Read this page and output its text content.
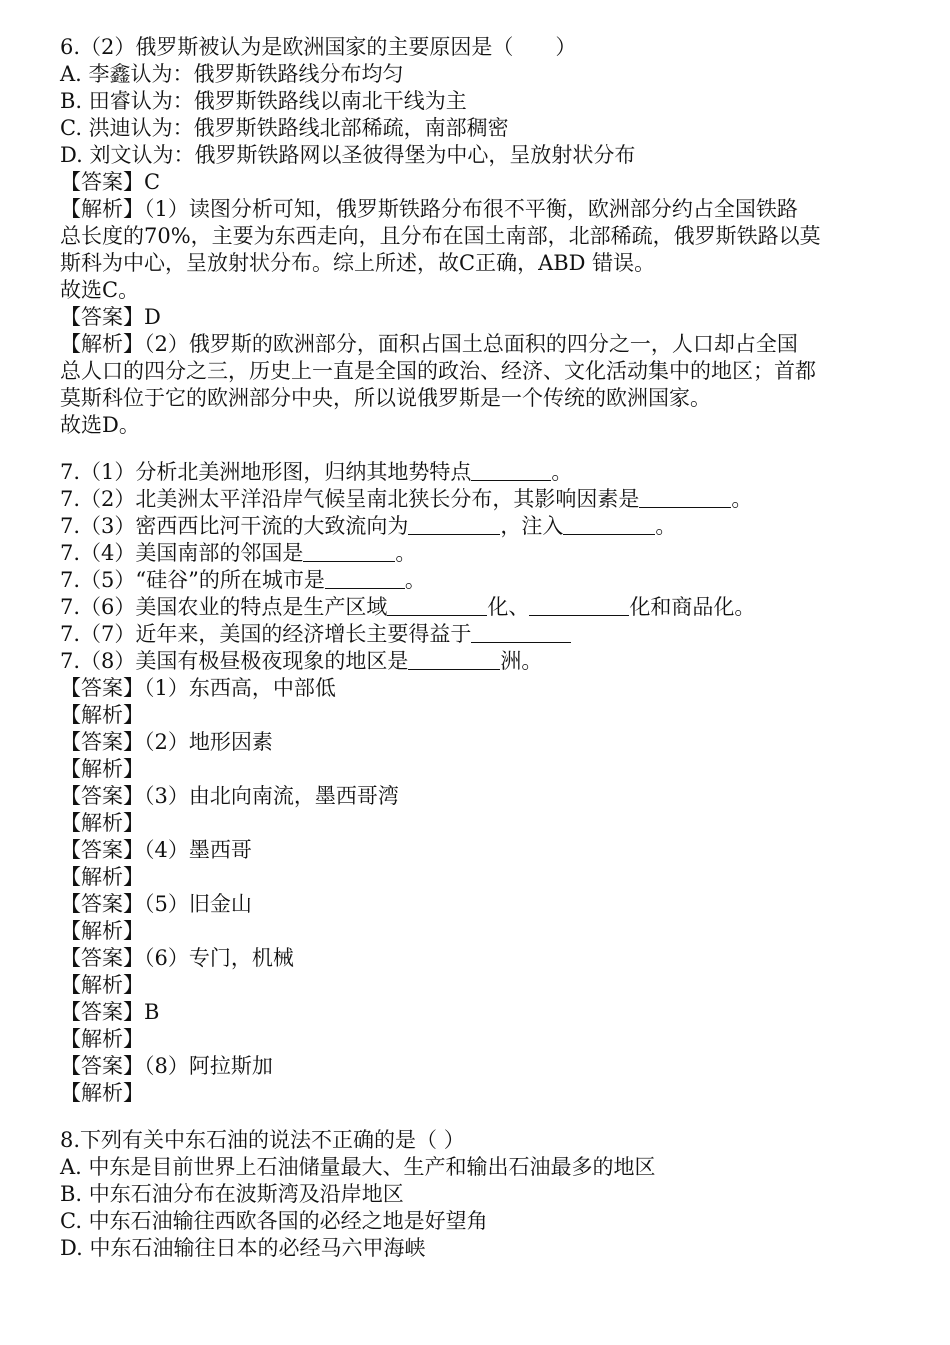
6.（2）俄罗斯被认为是欧洲国家的主要原因是（　　）
A. 李鑫认为：俄罗斯铁路线分布均匀
B. 田睿认为：俄罗斯铁路线以南北干线为主
C. 洪迪认为：俄罗斯铁路线北部稀疏，南部稠密
D. 刘文认为：俄罗斯铁路网以圣彼得堡为中心，呈放射状分布
【答案】C
【解析】（1）读图分析可知，俄罗斯铁路分布很不平衡，欧洲部分约占全国铁路
总长度的70%，主要为东西走向，且分布在国土南部，北部稀疏，俄罗斯铁路以莫
斯科为中心，呈放射状分布。综上所述，故C正确，ABD 错误。
故选C。
【答案】D
【解析】（2）俄罗斯的欧洲部分，面积占国土总面积的四分之一，人口却占全国
总人口的四分之三，历史上一直是全国的政治、经济、文化活动集中的地区；首都
莫斯科位于它的欧洲部分中央，所以说俄罗斯是一个传统的欧洲国家。
故选D。
7.（1）分析北美洲地形图，归纳其地势特点	。
7.（2）北美洲太平洋沿岸气候呈南北狭长分布，其影响因素是	。
7.（3）密西西比河干流的大致流向为	，注入	。
7.（4）美国南部的邻国是	。
7.（5）“硅谷”的所在城市是	。
7.（6）美国农业的特点是生产区域	化、	化和商品化。
7.（7）近年来，美国的经济增长主要得益于
7.（8）美国有极昼极夜现象的地区是	洲。
【答案】（1）东西高，中部低
【解析】
【答案】（2）地形因素
【解析】
【答案】（3）由北向南流，墨西哥湾
【解析】
【答案】（4）墨西哥
【解析】
【答案】（5）旧金山
【解析】
【答案】（6）专门，机械
【解析】
【答案】B
【解析】
【答案】（8）阿拉斯加
【解析】
8.下列有关中东石油的说法不正确的是（ ）
A. 中东是目前世界上石油储量最大、生产和输出石油最多的地区
B. 中东石油分布在波斯湾及沿岸地区
C. 中东石油输往西欧各国的必经之地是好望角
D. 中东石油输往日本的必经马六甲海峡
